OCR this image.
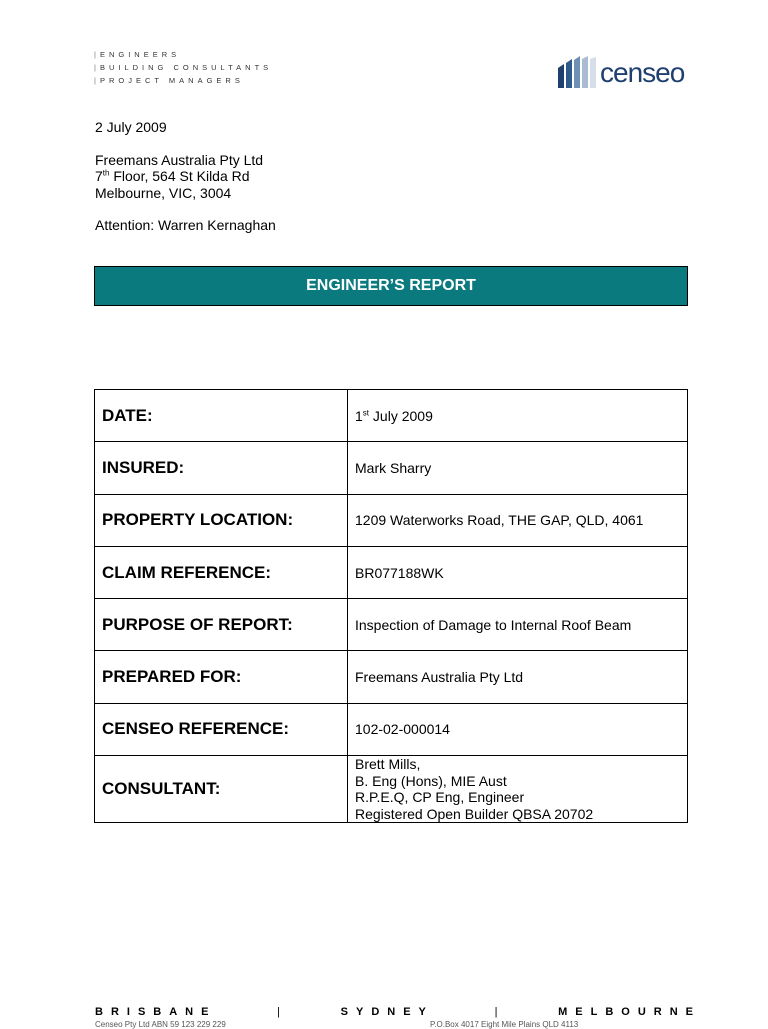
| ENGINEERS
| BUILDING CONSULTANTS
| PROJECT MANAGERS	censeo

2 July 2009

Freemans Australia Pty Ltd

7th Floor, 564 St Kilda Rd

Melbourne, VIC, 3004

Attention: Warren Kernaghan

ENGINEER’S REPORT
DATE:	1st July 2009
INSURED:	Mark Sharry
PROPERTY LOCATION:	1209 Waterworks Road, THE GAP, QLD, 4061
CLAIM REFERENCE:	BR077188WK
PURPOSE OF REPORT:	Inspection of Damage to Internal Roof Beam
PREPARED FOR:	Freemans Australia Pty Ltd
CENSEO REFERENCE:	102-02-000014
CONSULTANT:	Brett Mills,
B. Eng (Hons), MIE Aust
R.P.E.Q, CP Eng, Engineer
Registered Open Builder QBSA 20702
BRISBANE	|	SYDNEY	|	MELBOURNE
Censeo Pty Ltd ABN 59 123 229 229	P.O.Box 4017 Eight Mile Plains QLD 4113
